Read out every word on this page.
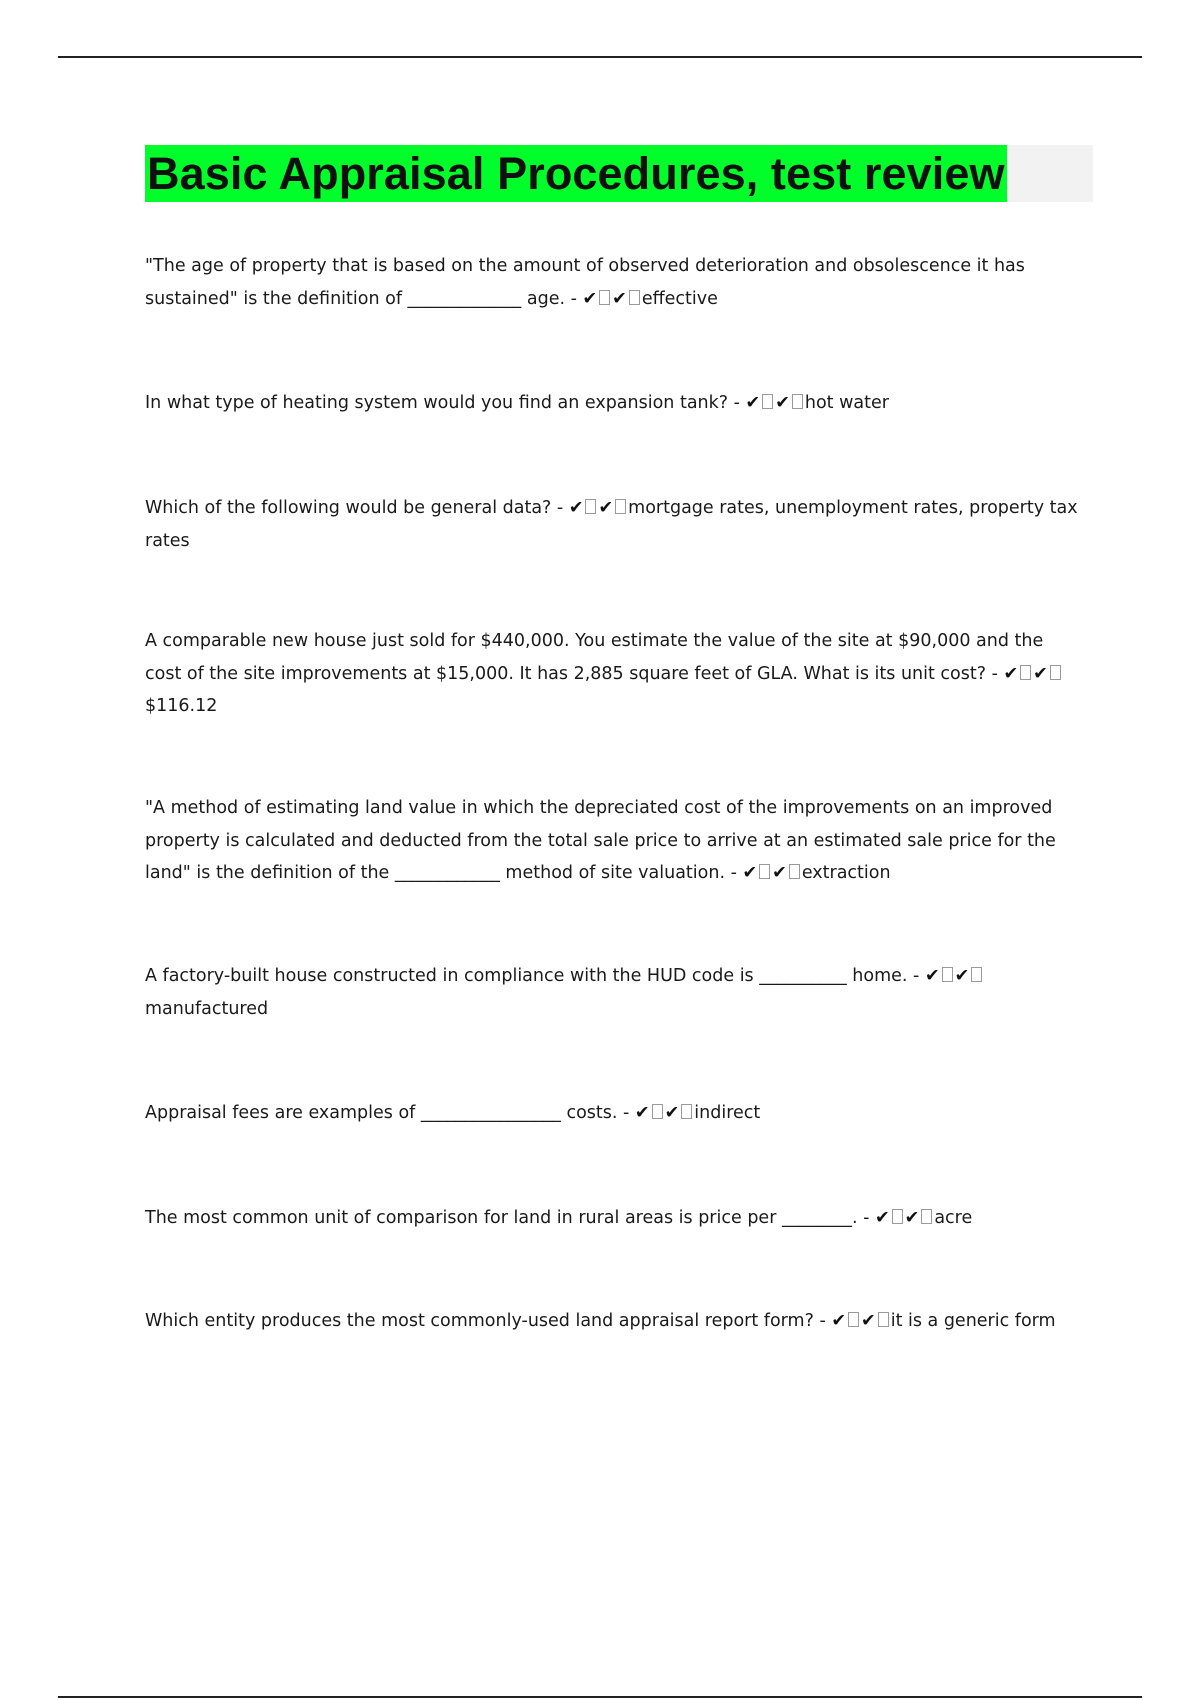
Basic Appraisal Procedures, test review

"The age of property that is based on the amount of observed deterioration and obsolescence it has sustained" is the definition of _____________ age. - ✔ ✔ effective

In what type of heating system would you find an expansion tank? - ✔ ✔ hot water

Which of the following would be general data? - ✔ ✔ mortgage rates, unemployment rates, property tax rates

A comparable new house just sold for $440,000. You estimate the value of the site at $90,000 and the cost of the site improvements at $15,000. It has 2,885 square feet of GLA. What is its unit cost? - ✔ ✔$116.12

"A method of estimating land value in which the depreciated cost of the improvements on an improved property is calculated and deducted from the total sale price to arrive at an estimated sale price for the land" is the definition of the ____________ method of site valuation. - ✔ ✔ extraction

A factory-built house constructed in compliance with the HUD code is __________ home. - ✔ ✔manufactured

Appraisal fees are examples of ________________ costs. - ✔ ✔ indirect

The most common unit of comparison for land in rural areas is price per ________. - ✔ ✔ acre

Which entity produces the most commonly-used land appraisal report form? - ✔ ✔ it is a generic form
